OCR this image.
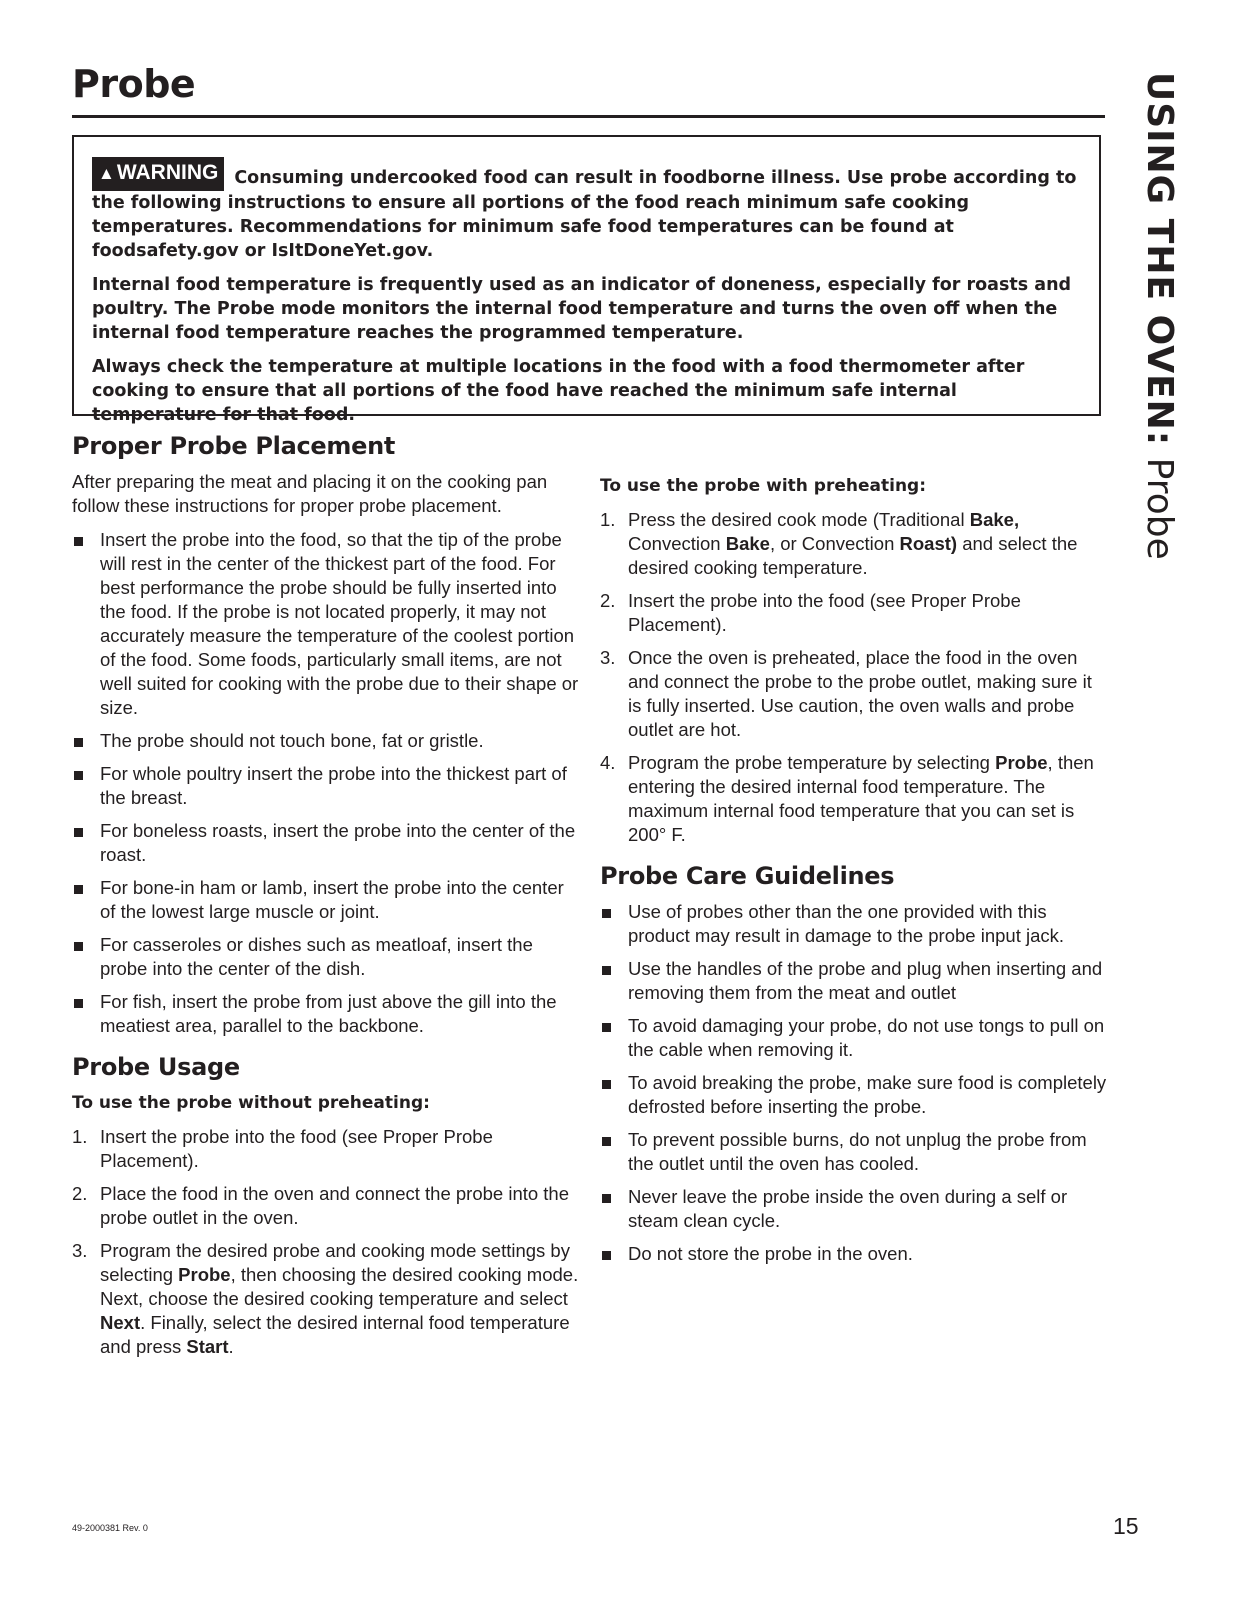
Probe	USING THE OVEN: Probe

▲WARNING Consuming undercooked food can result in foodborne illness. Use probe according to the following instructions to ensure all portions of the food reach minimum safe cooking temperatures. Recommendations for minimum safe food temperatures can be found at foodsafety.gov or IsItDoneYet.gov.

Internal food temperature is frequently used as an indicator of doneness, especially for roasts and poultry. The Probe mode monitors the internal food temperature and turns the oven off when the internal food temperature reaches the programmed temperature.

Always check the temperature at multiple locations in the food with a food thermometer after cooking to ensure that all portions of the food have reached the minimum safe internal temperature for that food.

Proper Probe Placement

After preparing the meat and placing it on the cooking pan follow these instructions for proper probe placement.

Insert the probe into the food, so that the tip of the probe will rest in the center of the thickest part of the food. For best performance the probe should be fully inserted into the food. If the probe is not located properly, it may not accurately measure the temperature of the coolest portion of the food. Some foods, particularly small items, are not well suited for cooking with the probe due to their shape or size.
The probe should not touch bone, fat or gristle.
For whole poultry insert the probe into the thickest part of the breast.
For boneless roasts, insert the probe into the center of the roast.
For bone-in ham or lamb, insert the probe into the center of the lowest large muscle or joint.
For casseroles or dishes such as meatloaf, insert the probe into the center of the dish.
For fish, insert the probe from just above the gill into the meatiest area, parallel to the backbone.
Probe Usage

To use the probe without preheating:

1. Insert the probe into the food (see Proper Probe Placement).
2. Place the food in the oven and connect the probe into the probe outlet in the oven.
3. Program the desired probe and cooking mode settings by selecting Probe, then choosing the desired cooking mode. Next, choose the desired cooking temperature and select Next. Finally, select the desired internal food temperature and press Start.

To use the probe with preheating:

1. Press the desired cook mode (Traditional Bake, Convection Bake, or Convection Roast) and select the desired cooking temperature.
2. Insert the probe into the food (see Proper Probe Placement).
3. Once the oven is preheated, place the food in the oven and connect the probe to the probe outlet, making sure it is fully inserted. Use caution, the oven walls and probe outlet are hot.
4. Program the probe temperature by selecting Probe, then entering the desired internal food temperature. The maximum internal food temperature that you can set is 200° F.
Probe Care Guidelines
Use of probes other than the one provided with this product may result in damage to the probe input jack.
Use the handles of the probe and plug when inserting and removing them from the meat and outlet
To avoid damaging your probe, do not use tongs to pull on the cable when removing it.
To avoid breaking the probe, make sure food is completely defrosted before inserting the probe.
To prevent possible burns, do not unplug the probe from the outlet until the oven has cooled.
Never leave the probe inside the oven during a self or steam clean cycle.
Do not store the probe in the oven.
49-2000381 Rev. 0	15
